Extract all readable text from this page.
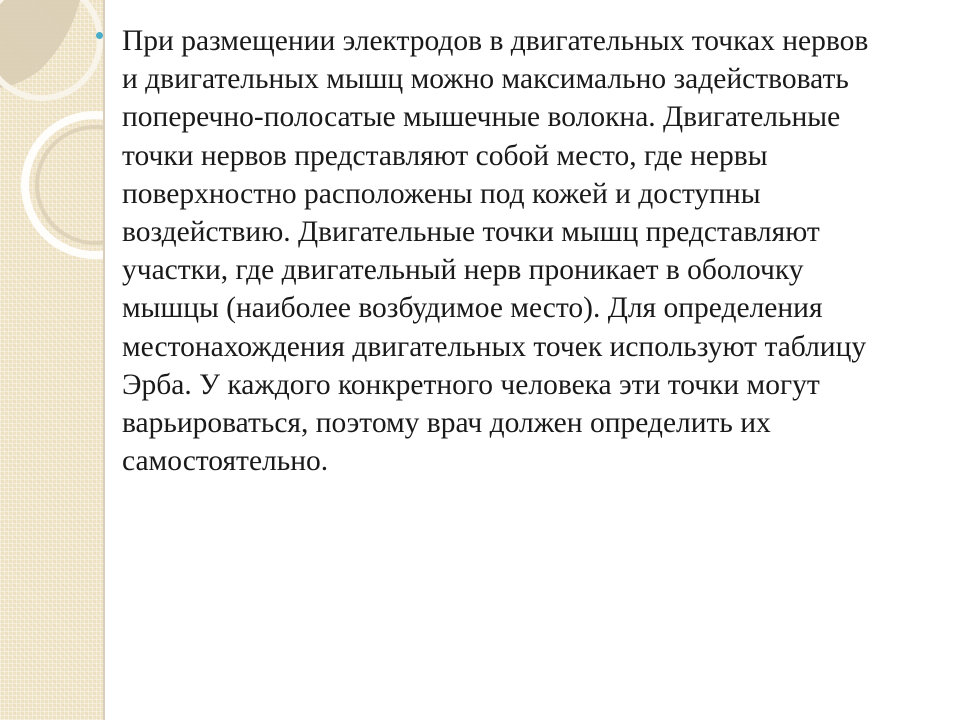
При размещении электродов в двигательных точках нервов
и двигательных мышц можно максимально задействовать
поперечно-полосатые мышечные волокна. Двигательные
точки нервов представляют собой место, где нервы
поверхностно расположены под кожей и доступны
воздействию. Двигательные точки мышц представляют
участки, где двигательный нерв проникает в оболочку
мышцы (наиболее возбудимое место). Для определения
местонахождения двигательных точек используют таблицу
Эрба. У каждого конкретного человека эти точки могут
варьироваться, поэтому врач должен определить их
самостоятельно.
